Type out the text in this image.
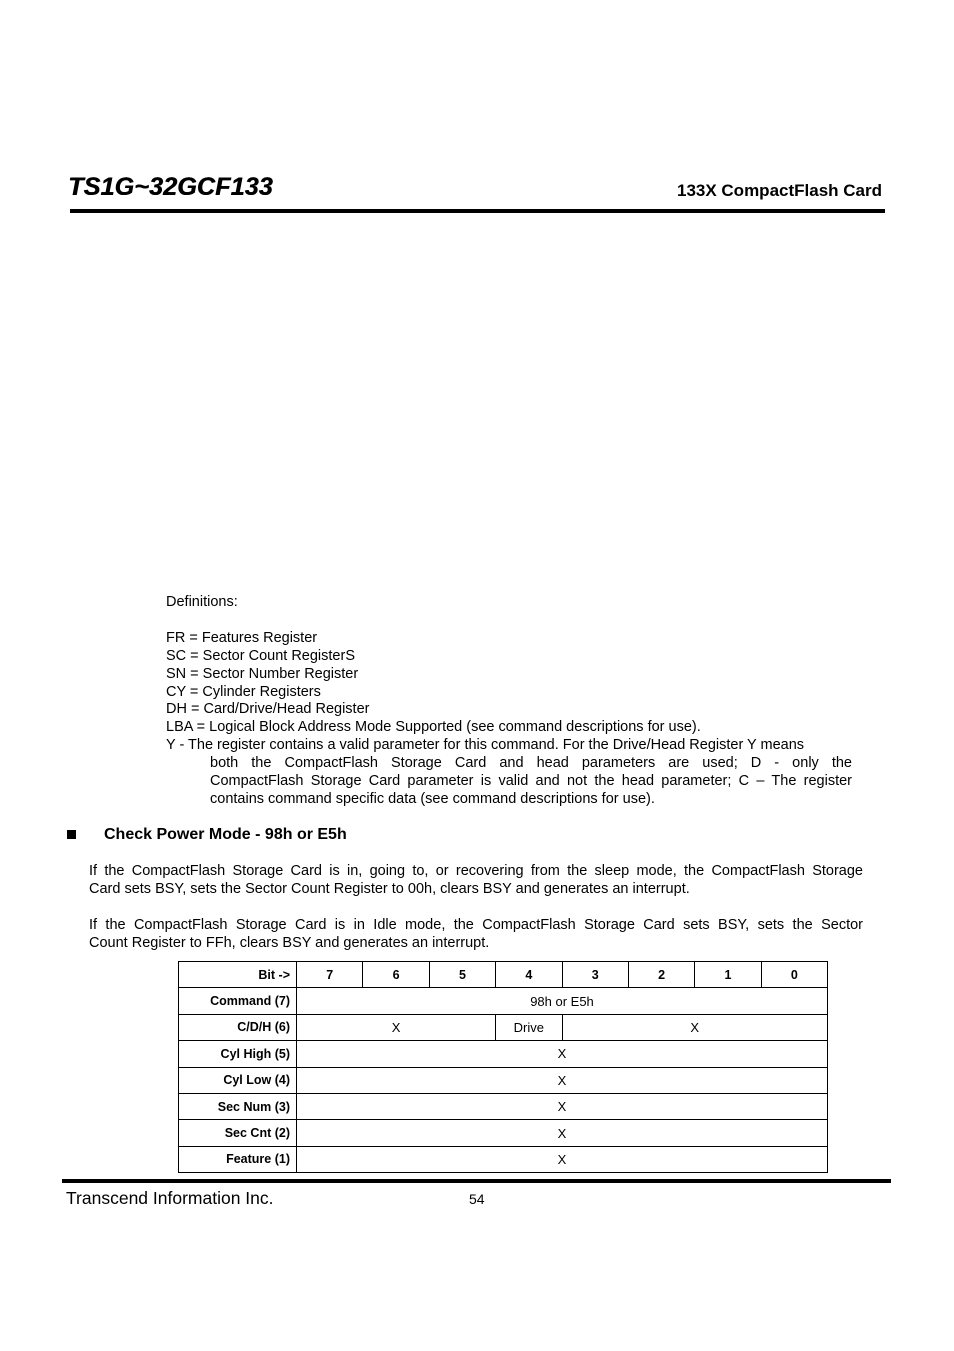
TS1G~32GCF133	133X CompactFlash Card
Definitions:
FR = Features Register
SC = Sector Count RegisterS
SN = Sector Number Register
CY = Cylinder Registers
DH = Card/Drive/Head Register
LBA = Logical Block Address Mode Supported (see command descriptions for use).
Y - The register contains a valid parameter for this command. For the Drive/Head Register Y means
both the CompactFlash Storage Card and head parameters are used; D - only the
CompactFlash Storage Card parameter is valid and not the head parameter; C – The register
contains command specific data (see command descriptions for use).
Check Power Mode - 98h or E5h
If the CompactFlash Storage Card is in, going to, or recovering from the sleep mode, the CompactFlash Storage
Card sets BSY, sets the Sector Count Register to 00h, clears BSY and generates an interrupt.
If the CompactFlash Storage Card is in Idle mode, the CompactFlash Storage Card sets BSY, sets the Sector
Count Register to FFh, clears BSY and generates an interrupt.
Bit ->	7	6	5	4	3	2	1	0
Command (7)	98h or E5h							
C/D/H (6)	X			Drive	X			
Cyl High (5)	X							
Cyl Low (4)	X							
Sec Num (3)	X							
Sec Cnt (2)	X							
Feature (1)	X							
Transcend Information Inc.	54
